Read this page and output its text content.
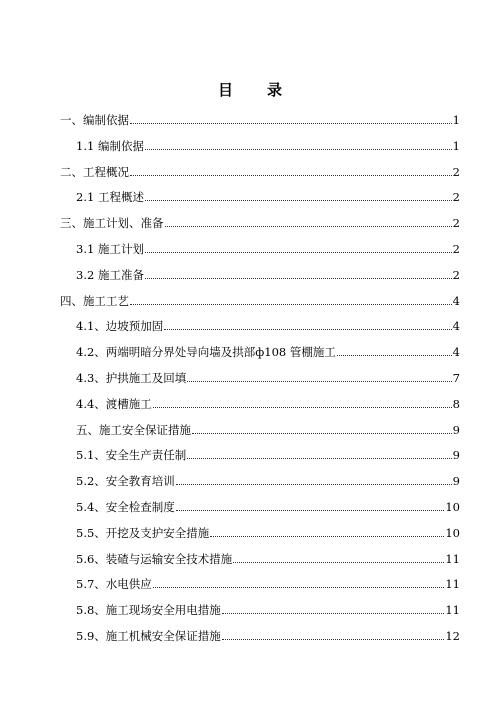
目 录
一、编制依据	1
1.1 编制依据	1
二、工程概况	2
2.1 工程概述	2
三、施工计划、准备	2
3.1 施工计划	2
3.2 施工准备	2
四、施工工艺	4
4.1、边坡预加固	4
4.2、两端明暗分界处导向墙及拱部ф108 管棚施工	4
4.3、护拱施工及回填	7
4.4、渡槽施工	8
五、施工安全保证措施	9
5.1、安全生产责任制	9
5.2、安全教育培训	9
5.4、安全检查制度	10
5.5、开挖及支护安全措施	10
5.6、装碴与运输安全技术措施	11
5.7、水电供应	11
5.8、施工现场安全用电措施	11
5.9、施工机械安全保证措施	12
